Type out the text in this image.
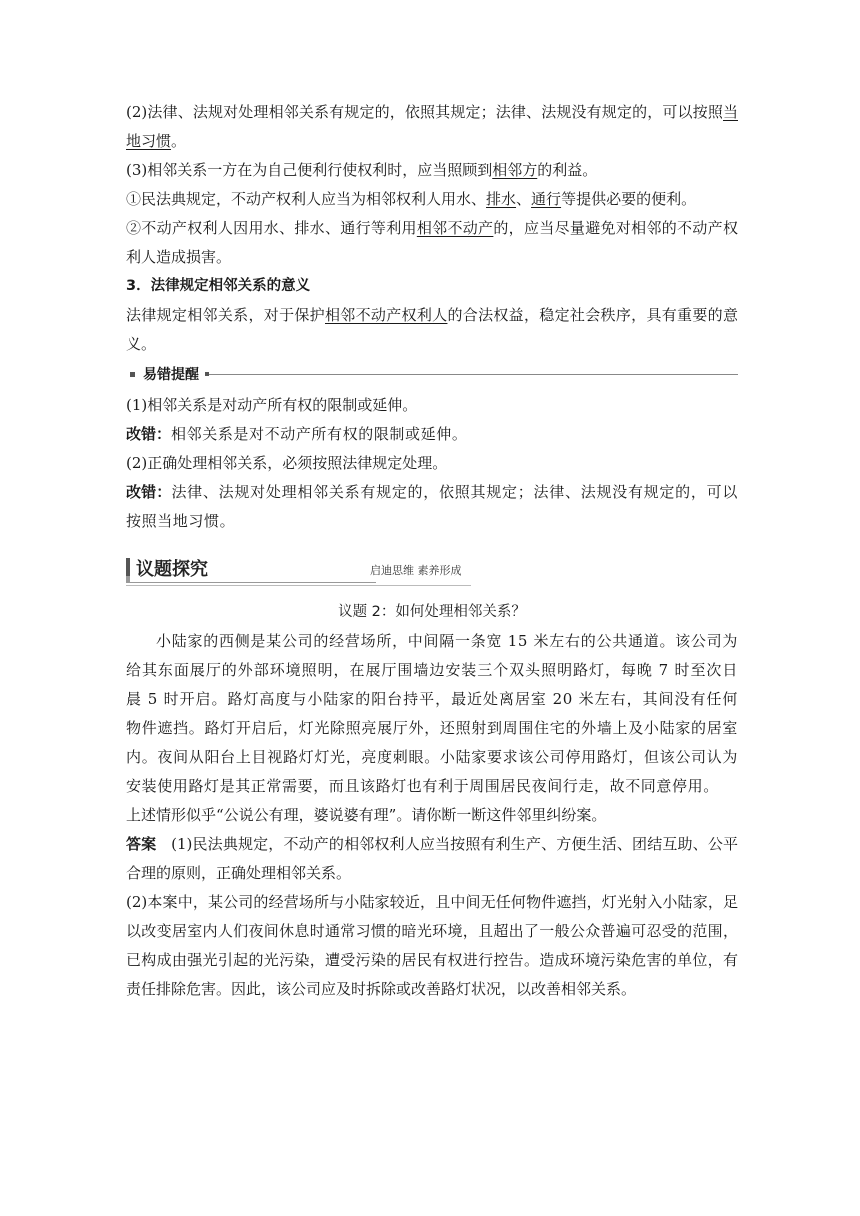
(2)法律、法规对处理相邻关系有规定的，依照其规定；法律、法规没有规定的，可以按照当地习惯。

(3)相邻关系一方在为自己便利行使权利时，应当照顾到相邻方的利益。

①民法典规定，不动产权利人应当为相邻权利人用水、排水、通行等提供必要的便利。

②不动产权利人因用水、排水、通行等利用相邻不动产的，应当尽量避免对相邻的不动产权利人造成损害。

3．法律规定相邻关系的意义

法律规定相邻关系，对于保护相邻不动产权利人的合法权益，稳定社会秩序，具有重要的意义。

易错提醒

(1)相邻关系是对动产所有权的限制或延伸。

改错：相邻关系是对不动产所有权的限制或延伸。

(2)正确处理相邻关系，必须按照法律规定处理。

改错：法律、法规对处理相邻关系有规定的，依照其规定；法律、法规没有规定的，可以按照当地习惯。

议题探究	启迪思维 素养形成

议题 2：如何处理相邻关系？

小陆家的西侧是某公司的经营场所，中间隔一条宽 15 米左右的公共通道。该公司为给其东面展厅的外部环境照明，在展厅围墙边安装三个双头照明路灯，每晚 7 时至次日晨 5 时开启。路灯高度与小陆家的阳台持平，最近处离居室 20 米左右，其间没有任何物件遮挡。路灯开启后，灯光除照亮展厅外，还照射到周围住宅的外墙上及小陆家的居室内。夜间从阳台上目视路灯灯光，亮度刺眼。小陆家要求该公司停用路灯，但该公司认为安装使用路灯是其正常需要，而且该路灯也有利于周围居民夜间行走，故不同意停用。

上述情形似乎“公说公有理，婆说婆有理”。请你断一断这件邻里纠纷案。

答案 (1)民法典规定，不动产的相邻权利人应当按照有利生产、方便生活、团结互助、公平合理的原则，正确处理相邻关系。

(2)本案中，某公司的经营场所与小陆家较近，且中间无任何物件遮挡，灯光射入小陆家，足以改变居室内人们夜间休息时通常习惯的暗光环境，且超出了一般公众普遍可忍受的范围，已构成由强光引起的光污染，遭受污染的居民有权进行控告。造成环境污染危害的单位，有责任排除危害。因此，该公司应及时拆除或改善路灯状况，以改善相邻关系。
